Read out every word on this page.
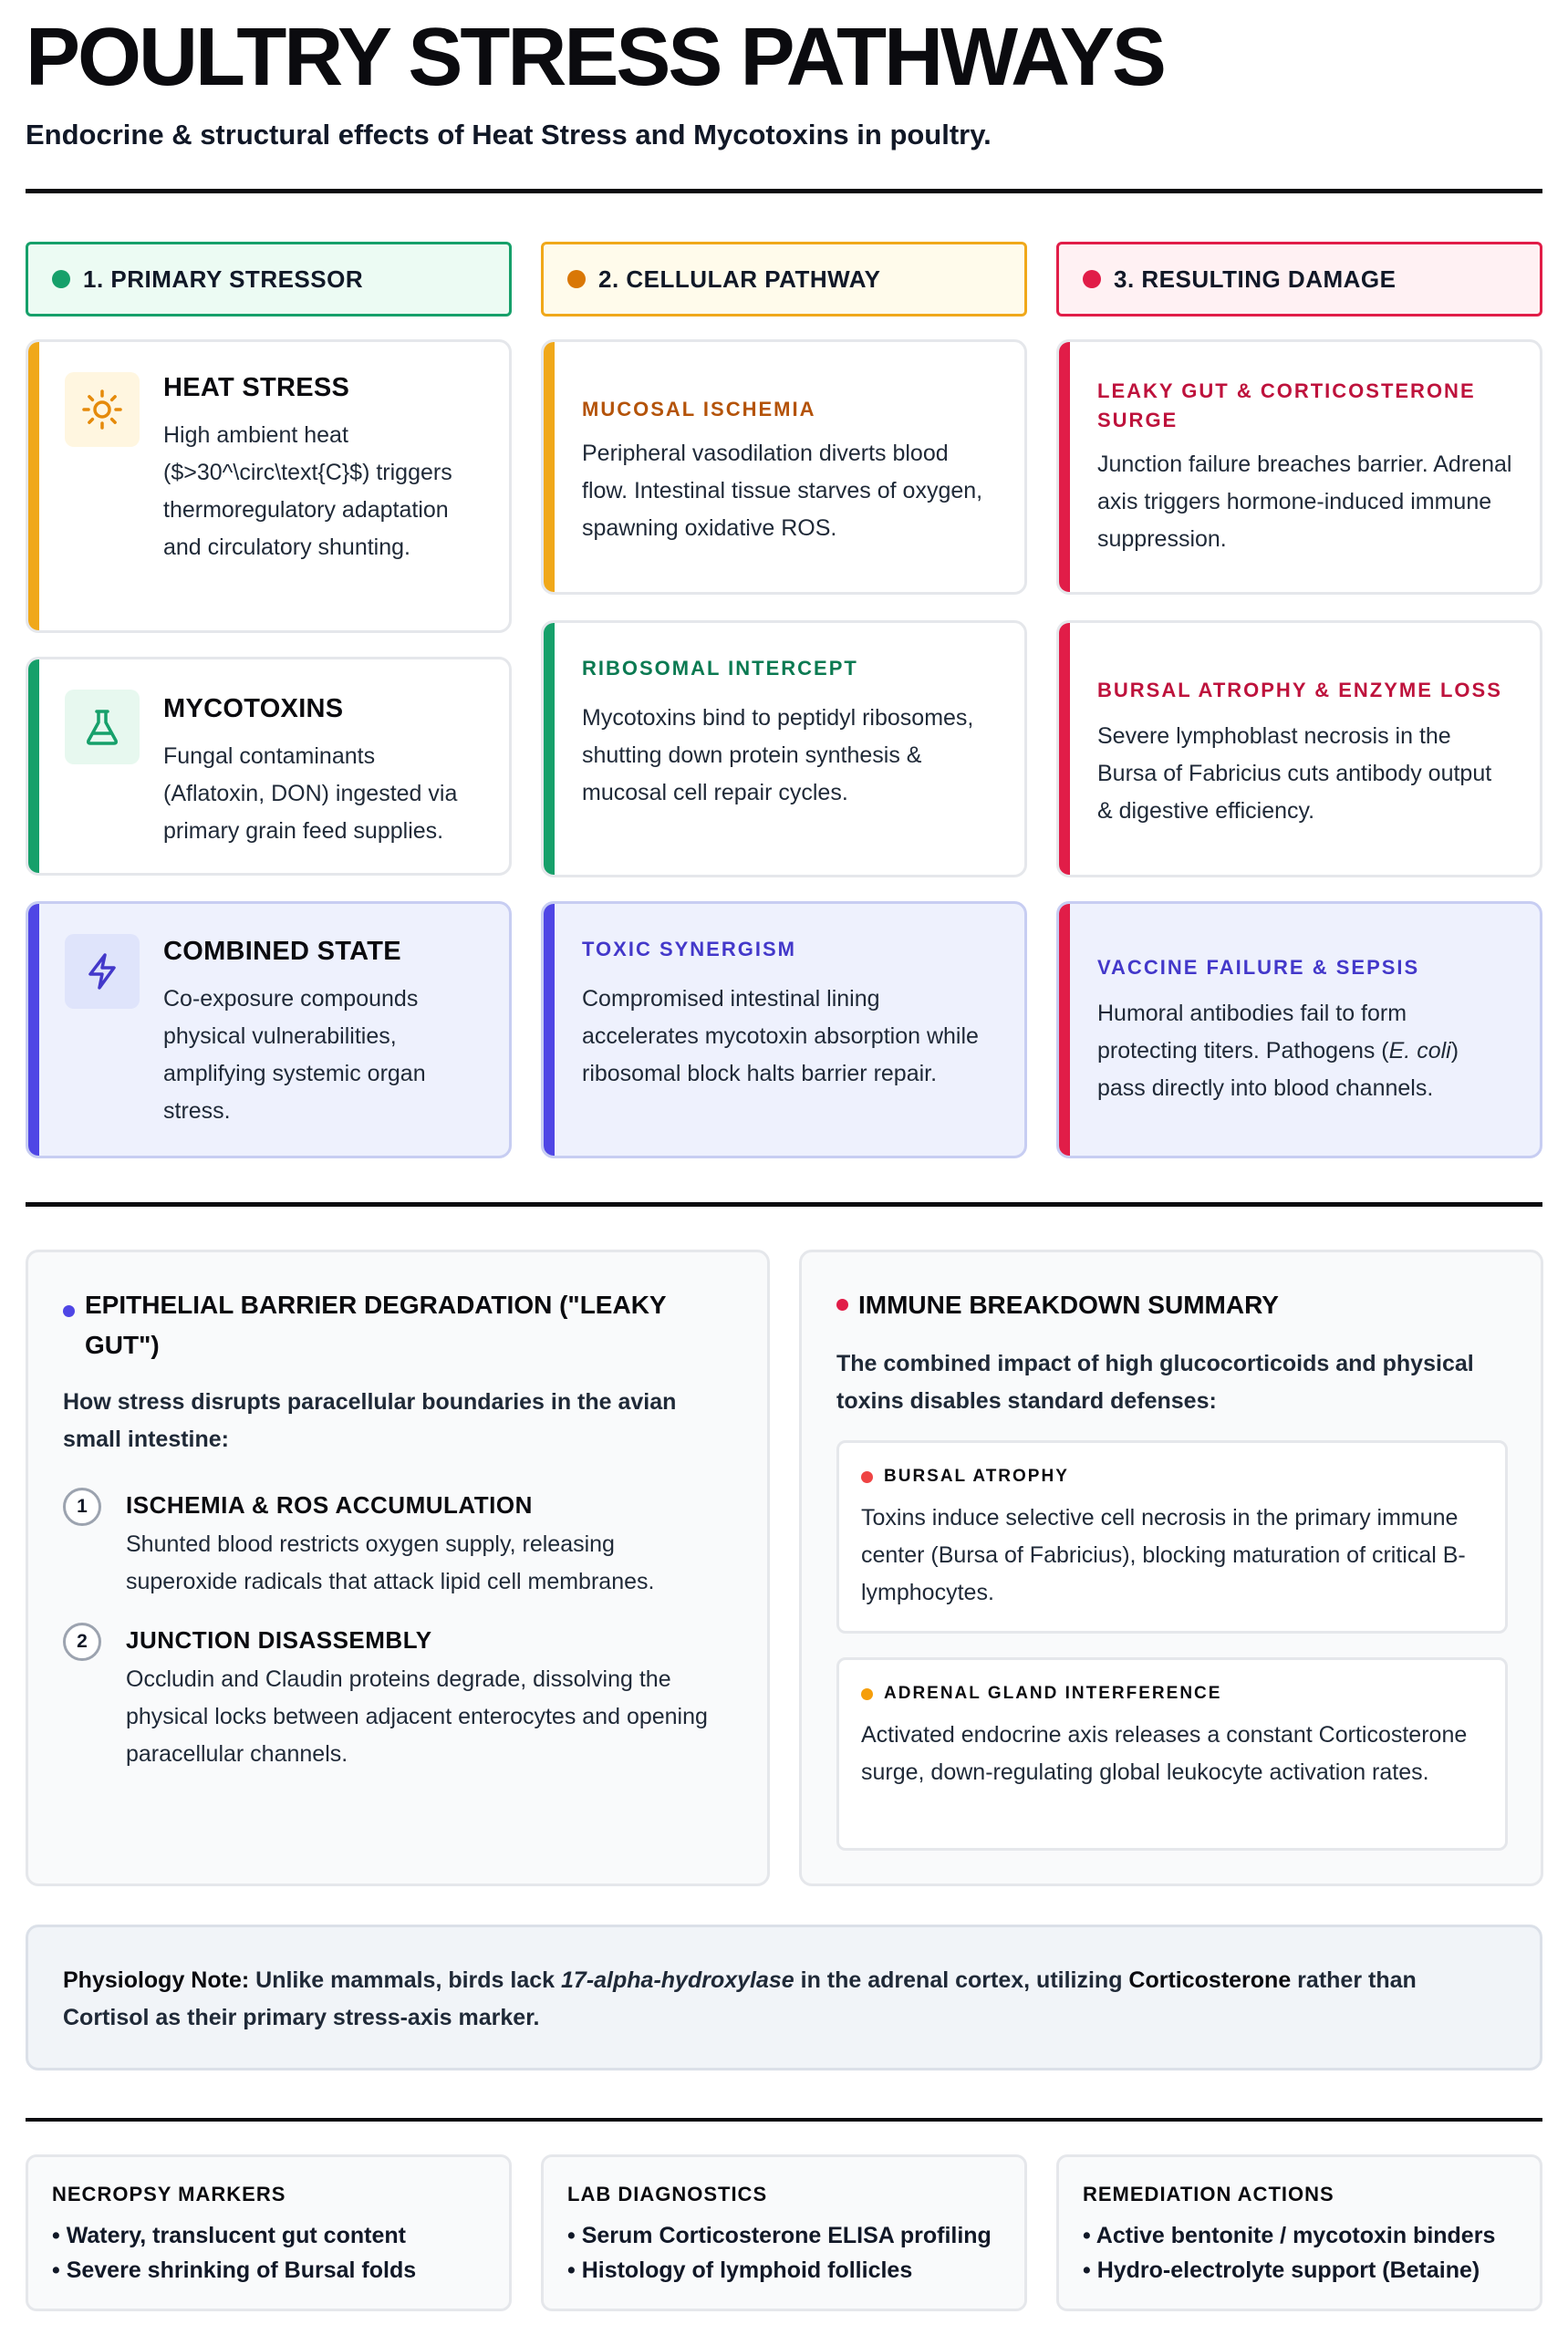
POULTRY STRESS PATHWAYS
Endocrine & structural effects of Heat Stress and Mycotoxins in poultry.
1. PRIMARY STRESSOR	2. CELLULAR PATHWAY	3. RESULTING DAMAGE
HEAT STRESS
High ambient heat ($>30^\circ\text{C}$) triggers thermoregulatory adaptation and circulatory shunting.
MUCOSAL ISCHEMIA
Peripheral vasodilation diverts blood flow. Intestinal tissue starves of oxygen, spawning oxidative ROS.
LEAKY GUT & CORTICOSTERONE SURGE
Junction failure breaches barrier. Adrenal axis triggers hormone-induced immune suppression.
MYCOTOXINS
Fungal contaminants (Aflatoxin, DON) ingested via primary grain feed supplies.
RIBOSOMAL INTERCEPT
Mycotoxins bind to peptidyl ribosomes, shutting down protein synthesis & mucosal cell repair cycles.
BURSAL ATROPHY & ENZYME LOSS
Severe lymphoblast necrosis in the Bursa of Fabricius cuts antibody output & digestive efficiency.
COMBINED STATE
Co-exposure compounds physical vulnerabilities, amplifying systemic organ stress.
TOXIC SYNERGISM
Compromised intestinal lining accelerates mycotoxin absorption while ribosomal block halts barrier repair.
VACCINE FAILURE & SEPSIS
Humoral antibodies fail to form protecting titers. Pathogens (E. coli) pass directly into blood channels.
EPITHELIAL BARRIER DEGRADATION ("LEAKY GUT")
How stress disrupts paracellular boundaries in the avian small intestine:
1	ISCHEMIA & ROS ACCUMULATION
Shunted blood restricts oxygen supply, releasing superoxide radicals that attack lipid cell membranes.
2	JUNCTION DISASSEMBLY
Occludin and Claudin proteins degrade, dissolving the physical locks between adjacent enterocytes and opening paracellular channels.
IMMUNE BREAKDOWN SUMMARY
The combined impact of high glucocorticoids and physical toxins disables standard defenses:
BURSAL ATROPHY
Toxins induce selective cell necrosis in the primary immune center (Bursa of Fabricius), blocking maturation of critical B-lymphocytes.
ADRENAL GLAND INTERFERENCE
Activated endocrine axis releases a constant Corticosterone surge, down-regulating global leukocyte activation rates.
Physiology Note: Unlike mammals, birds lack 17-alpha-hydroxylase in the adrenal cortex, utilizing Corticosterone rather than Cortisol as their primary stress-axis marker.
NECROPSY MARKERS
• Watery, translucent gut content
• Severe shrinking of Bursal folds
LAB DIAGNOSTICS
• Serum Corticosterone ELISA profiling
• Histology of lymphoid follicles
REMEDIATION ACTIONS
• Active bentonite / mycotoxin binders
• Hydro-electrolyte support (Betaine)
